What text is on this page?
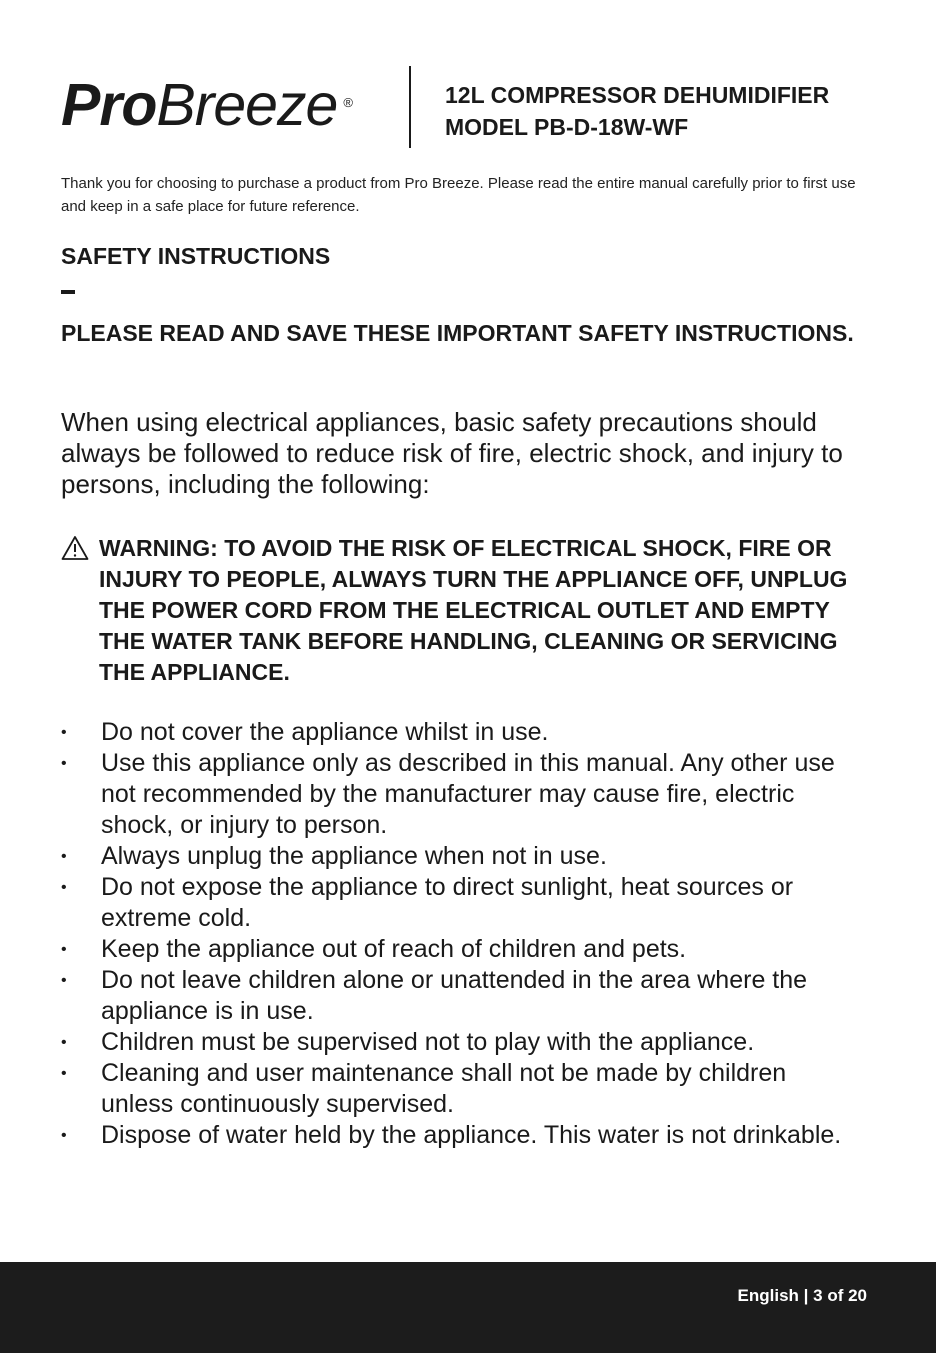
ProBreeze ®	12L COMPRESSOR DEHUMIDIFIER
MODEL PB-D-18W-WF
Thank you for choosing to purchase a product from Pro Breeze. Please read the entire manual carefully prior to first use and keep in a safe place for future reference.
SAFETY INSTRUCTIONS
PLEASE READ AND SAVE THESE IMPORTANT SAFETY INSTRUCTIONS.
When using electrical appliances, basic safety precautions should always be followed to reduce risk of fire, electric shock, and injury to persons, including the following:
WARNING: TO AVOID THE RISK OF ELECTRICAL SHOCK, FIRE OR INJURY TO PEOPLE, ALWAYS TURN THE APPLIANCE OFF, UNPLUG THE POWER CORD FROM THE ELECTRICAL OUTLET AND EMPTY THE WATER TANK BEFORE HANDLING, CLEANING OR SERVICING THE APPLIANCE.
• Do not cover the appliance whilst in use.
• Use this appliance only as described in this manual. Any other use not recommended by the manufacturer may cause fire, electric shock, or injury to person.
• Always unplug the appliance when not in use.
• Do not expose the appliance to direct sunlight, heat sources or extreme cold.
• Keep the appliance out of reach of children and pets.
• Do not leave children alone or unattended in the area where the appliance is in use.
• Children must be supervised not to play with the appliance.
• Cleaning and user maintenance shall not be made by children unless continuously supervised.
• Dispose of water held by the appliance. This water is not drinkable.
English | 3 of 20
